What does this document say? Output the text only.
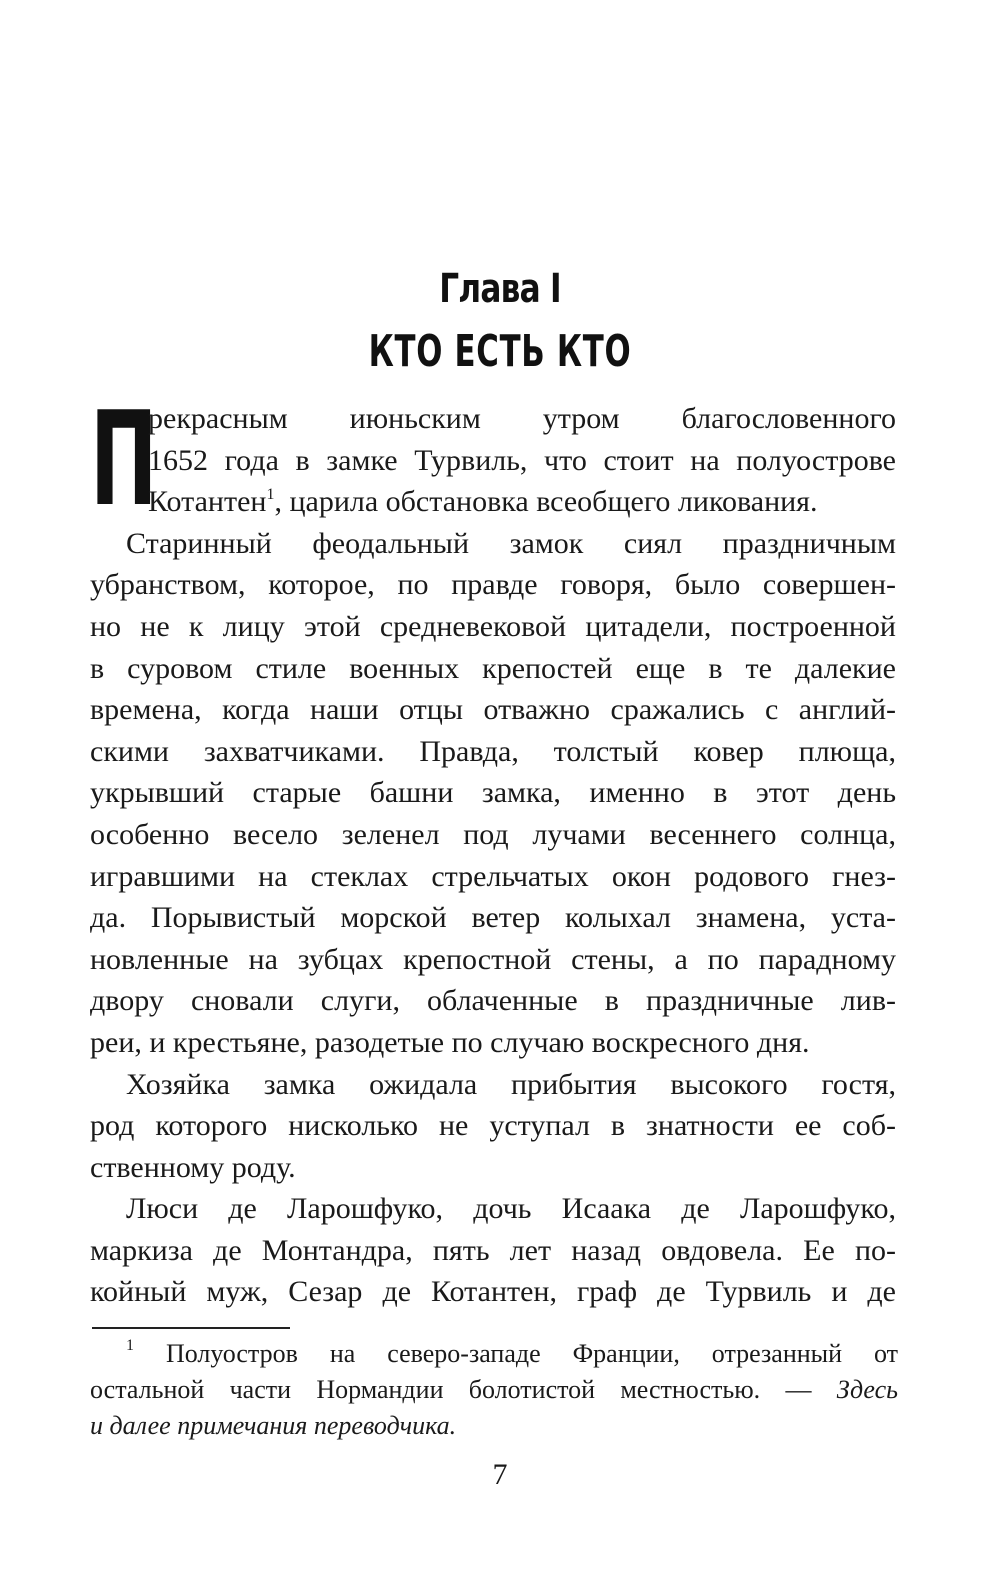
Глава I
КТО ЕСТЬ КТО
П
рекрасным июньским утром благословенного
1652 года в замке Турвиль, что стоит на полуострове
Котантен$^1$, царила обстановка всеобщего ликования.
Старинный феодальный замок сиял праздничным
убранством, которое, по правде говоря, было совершен-
но не к лицу этой средневековой цитадели, построенной
в суровом стиле военных крепостей еще в те далекие
времена, когда наши отцы отважно сражались с англий-
скими захватчиками. Правда, толстый ковер плюща,
укрывший старые башни замка, именно в этот день
особенно весело зеленел под лучами весеннего солнца,
игравшими на стеклах стрельчатых окон родового гнез-
да. Порывистый морской ветер колыхал знамена, уста-
новленные на зубцах крепостной стены, а по парадному
двору сновали слуги, облаченные в праздничные лив-
реи, и крестьяне, разодетые по случаю воскресного дня.
Хозяйка замка ожидала прибытия высокого гостя,
род которого нисколько не уступал в знатности ее соб-
ственному роду.
Люси де Ларошфуко, дочь Исаака де Ларошфуко,
маркиза де Монтандра, пять лет назад овдовела. Ее по-
койный муж, Сезар де Котантен, граф де Турвиль и де
$^1$ Полуостров на северо-западе Франции, отрезанный от
остальной части Нормандии болотистой местностью. — Здесь
и далее примечания переводчика.
7
